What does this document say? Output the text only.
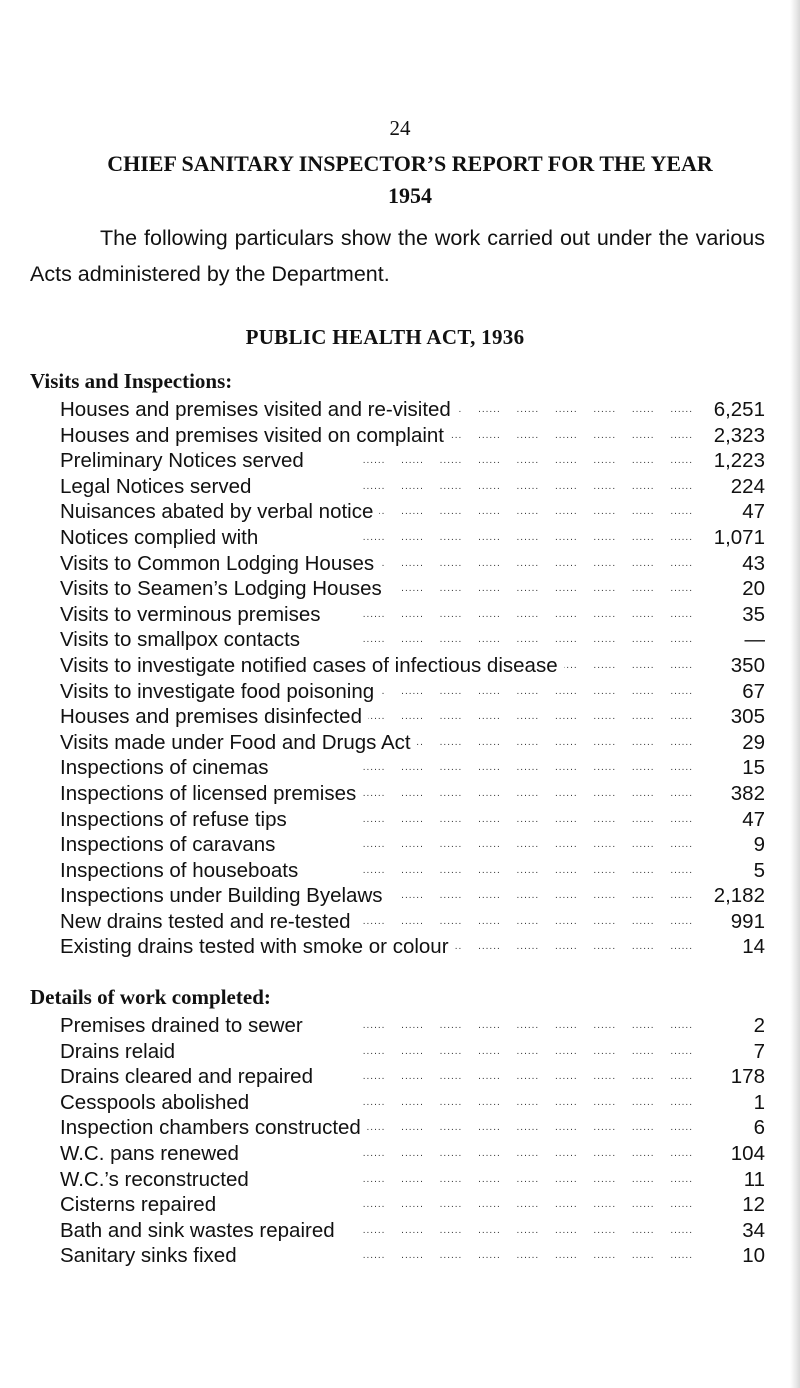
24
CHIEF SANITARY INSPECTOR’S REPORT FOR THE YEAR
1954

The following particulars show the work carried out under the various Acts administered by the Department.

PUBLIC HEALTH ACT, 1936
Visits and Inspections:
Houses and premises visited and re-visited .....	6,251
Houses and premises visited on complaint .....	2,323
Preliminary Notices served .....	1,223
Legal Notices served .....	224
Nuisances abated by verbal notice .....	47
Notices complied with .....	1,071
Visits to Common Lodging Houses .....	43
Visits to Seamen’s Lodging Houses .....	20
Visits to verminous premises .....	35
Visits to smallpox contacts .....	—
Visits to investigate notified cases of infectious disease .....	350
Visits to investigate food poisoning .....	67
Houses and premises disinfected .....	305
Visits made under Food and Drugs Act .....	29
Inspections of cinemas .....	15
Inspections of licensed premises .....	382
Inspections of refuse tips .....	47
Inspections of caravans .....	9
Inspections of houseboats .....	5
Inspections under Building Byelaws .....	2,182
New drains tested and re-tested .....	991
Existing drains tested with smoke or colour .....	14
Details of work completed:
Premises drained to sewer .....	2
Drains relaid .....	7
Drains cleared and repaired .....	178
Cesspools abolished .....	1
Inspection chambers constructed .....	6
W.C. pans renewed .....	104
W.C.’s reconstructed .....	11
Cisterns repaired .....	12
Bath and sink wastes repaired .....	34
Sanitary sinks fixed .....	10
